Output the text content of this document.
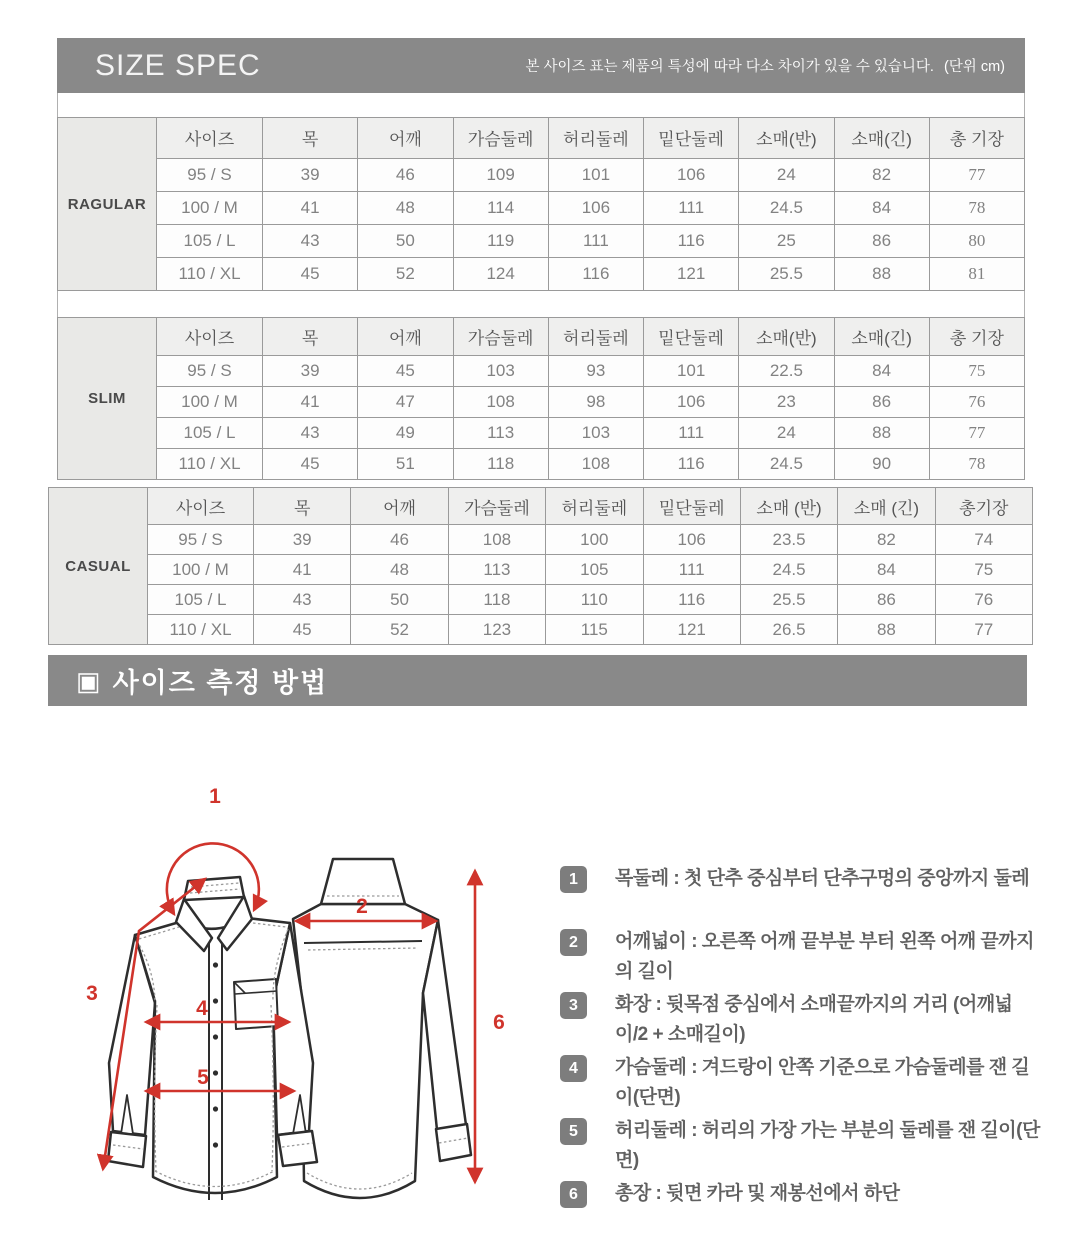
SIZE SPEC	본 사이즈 표는 제품의 특성에 따라 다소 차이가 있을 수 있습니다. (단위 cm)
RAGULAR	사이즈	목	어깨	가슴둘레	허리둘레	밑단둘레	소매(반)	소매(긴)	총 기장
	95 / S	39	46	109	101	106	24	82	77
	100 / M	41	48	114	106	111	24.5	84	78
	105 / L	43	50	119	111	116	25	86	80
	110 / XL	45	52	124	116	121	25.5	88	81
SLIM	사이즈	목	어깨	가슴둘레	허리둘레	밑단둘레	소매(반)	소매(긴)	총 기장
	95 / S	39	45	103	93	101	22.5	84	75
	100 / M	41	47	108	98	106	23	86	76
	105 / L	43	49	113	103	111	24	88	77
	110 / XL	45	51	118	108	116	24.5	90	78
CASUAL	사이즈	목	어깨	가슴둘레	허리둘레	밑단둘레	소매 (반)	소매 (긴)	총기장
	95 / S	39	46	108	100	106	23.5	82	74
	100 / M	41	48	113	105	111	24.5	84	75
	105 / L	43	50	118	110	116	25.5	86	76
	110 / XL	45	52	123	115	121	26.5	88	77
▣ 사이즈 측정 방법
1
2
3
4
5
6
1	목둘레 : 첫 단추 중심부터 단추구멍의 중앙까지 둘레
2	어깨넓이 : 오른쪽 어깨 끝부분 부터 왼쪽 어깨 끝까지의 길이
3	화장 : 뒷목점 중심에서 소매끝까지의 거리 (어깨넓이/2 + 소매길이)
4	가슴둘레 : 겨드랑이 안쪽 기준으로 가슴둘레를 잰 길이(단면)
5	허리둘레 : 허리의 가장 가는 부분의 둘레를 잰 길이(단면)
6	총장 : 뒷면 카라 및 재봉선에서 하단
